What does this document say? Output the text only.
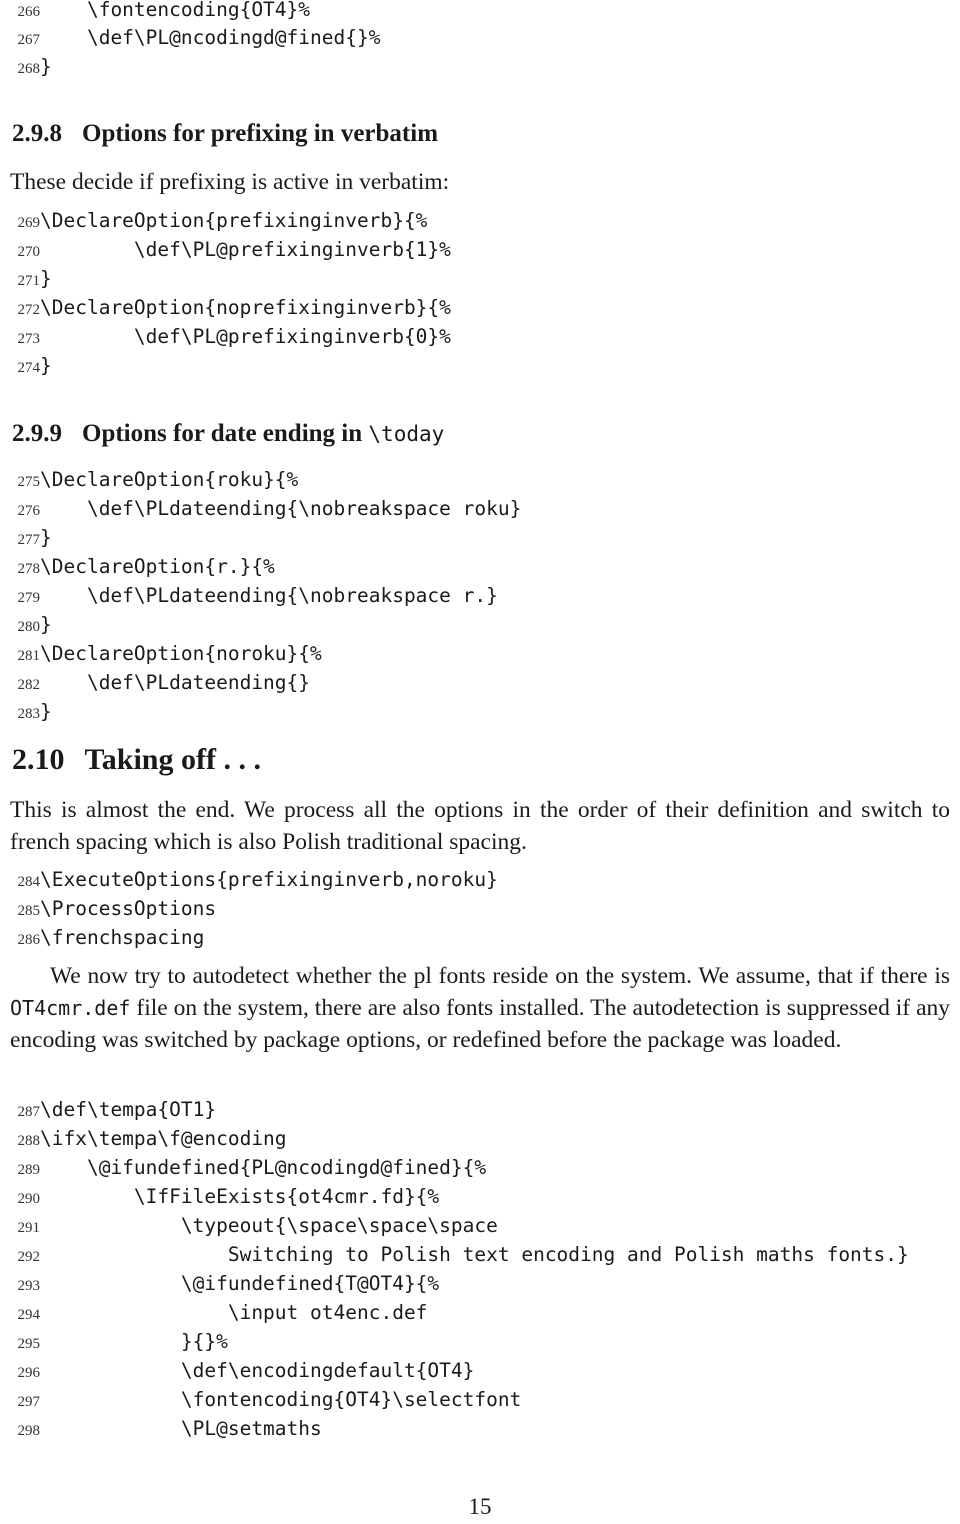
266    \fontencoding{OT4}%
267    \def\PL@ncodingd@fined{}%
268}
2.9.8 Options for prefixing in verbatim
These decide if prefixing is active in verbatim:
269\DeclareOption{prefixinginverb}{%
270        \def\PL@prefixinginverb{1}%
271}
272\DeclareOption{noprefixinginverb}{%
273        \def\PL@prefixinginverb{0}%
274}
2.9.9 Options for date ending in \today
275\DeclareOption{roku}{%
276    \def\PLdateending{\nobreakspace roku}
277}
278\DeclareOption{r.}{%
279    \def\PLdateending{\nobreakspace r.}
280}
281\DeclareOption{noroku}{%
282    \def\PLdateending{}
283}
2.10 Taking off . . .
This is almost the end. We process all the options in the order of their definition and switch to french spacing which is also Polish traditional spacing.
284\ExecuteOptions{prefixinginverb,noroku}
285\ProcessOptions
286\frenchspacing
We now try to autodetect whether the pl fonts reside on the system. We assume, that if there is OT4cmr.def file on the system, there are also fonts installed. The autodetection is suppressed if any encoding was switched by package options, or redefined before the package was loaded.
287\def\tempa{OT1}
288\ifx\tempa\f@encoding
289    \@ifundefined{PL@ncodingd@fined}{%
290        \IfFileExists{ot4cmr.fd}{%
291            \typeout{\space\space\space
292                Switching to Polish text encoding and Polish maths fonts.}
293            \@ifundefined{T@OT4}{%
294                \input ot4enc.def
295            }{}%
296            \def\encodingdefault{OT4}
297            \fontencoding{OT4}\selectfont
298            \PL@setmaths
15
